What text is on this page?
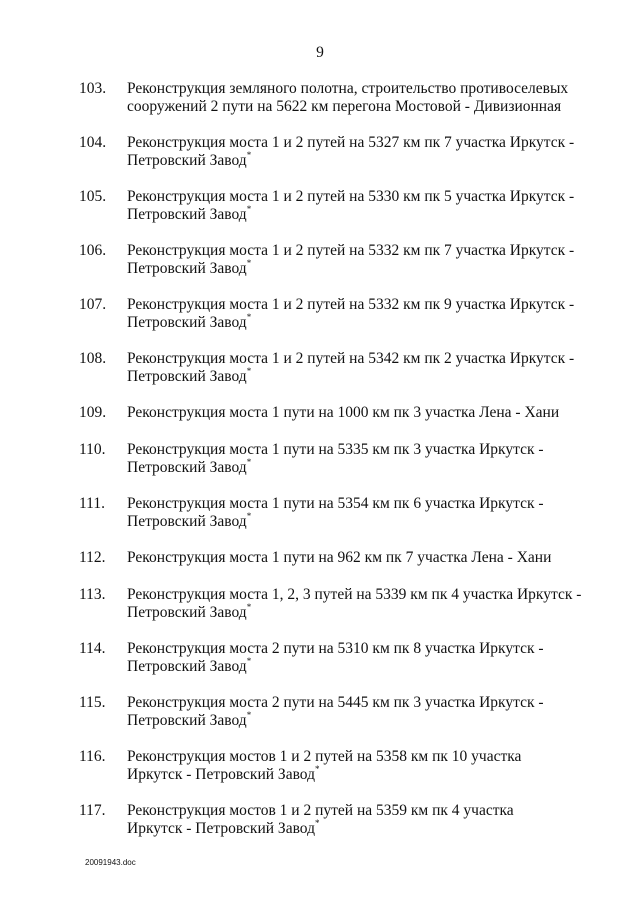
9
103.	Реконструкция земляного полотна, строительство противоселевых
сооружений 2 пути на 5622 км перегона Мостовой - Дивизионная
104.	Реконструкция моста 1 и 2 путей на 5327 км пк 7 участка Иркутск -
Петровский Завод*
105.	Реконструкция моста 1 и 2 путей на 5330 км пк 5 участка Иркутск -
Петровский Завод*
106.	Реконструкция моста 1 и 2 путей на 5332 км пк 7 участка Иркутск -
Петровский Завод*
107.	Реконструкция моста 1 и 2 путей на 5332 км пк 9 участка Иркутск -
Петровский Завод*
108.	Реконструкция моста 1 и 2 путей на 5342 км пк 2 участка Иркутск -
Петровский Завод*
109.	Реконструкция моста 1 пути на 1000 км пк 3 участка Лена - Хани
110.	Реконструкция моста 1 пути на 5335 км пк 3 участка Иркутск -
Петровский Завод*
111.	Реконструкция моста 1 пути на 5354 км пк 6 участка Иркутск -
Петровский Завод*
112.	Реконструкция моста 1 пути на 962 км пк 7 участка Лена - Хани
113.	Реконструкция моста 1, 2, 3 путей на 5339 км пк 4 участка Иркутск -
Петровский Завод*
114.	Реконструкция моста 2 пути на 5310 км пк 8 участка Иркутск -
Петровский Завод*
115.	Реконструкция моста 2 пути на 5445 км пк 3 участка Иркутск -
Петровский Завод*
116.	Реконструкция мостов 1 и 2 путей на 5358 км пк 10 участка
Иркутск - Петровский Завод*
117.	Реконструкция мостов 1 и 2 путей на 5359 км пк 4 участка
Иркутск - Петровский Завод*
20091943.doc
